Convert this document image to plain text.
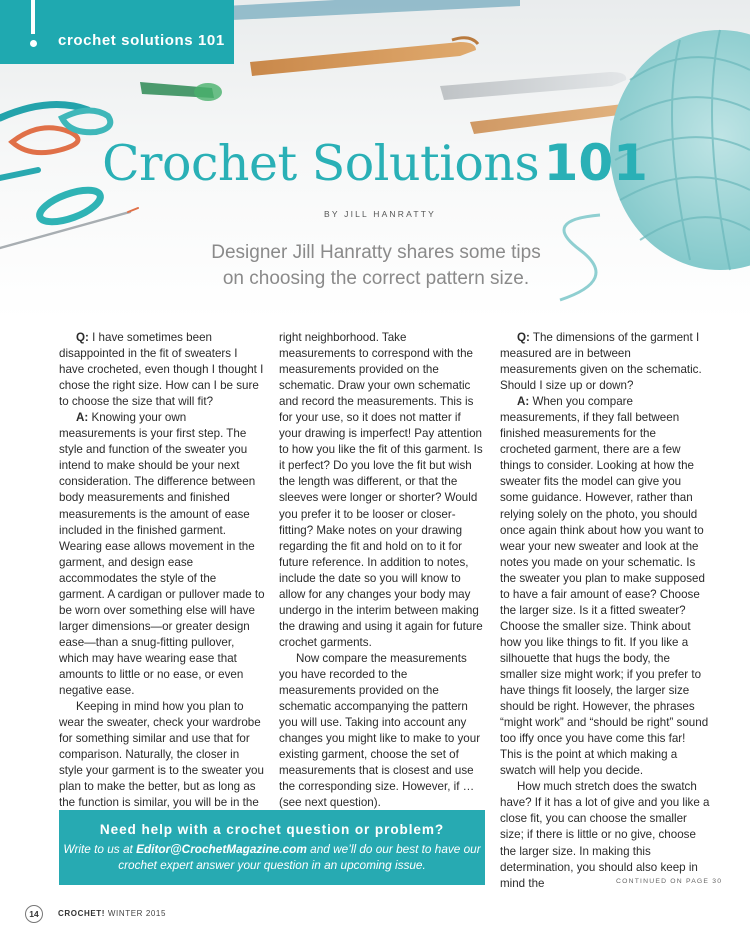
crochet solutions 101
Crochet Solutions 101
BY JILL HANRATTY
Designer Jill Hanratty shares some tips on choosing the correct pattern size.

Q: I have sometimes been disappointed in the fit of sweaters I have crocheted, even though I thought I chose the right size. How can I be sure to choose the size that will fit?

A: Knowing your own measurements is your first step. The style and function of the sweater you intend to make should be your next consideration. The difference between body measurements and finished measurements is the amount of ease included in the finished garment. Wearing ease allows movement in the garment, and design ease accommodates the style of the garment. A cardigan or pullover made to be worn over something else will have larger dimensions—or greater design ease—than a snug-fitting pullover, which may have wearing ease that amounts to little or no ease, or even negative ease.

Keeping in mind how you plan to wear the sweater, check your wardrobe for something similar and use that for comparison. Naturally, the closer in style your garment is to the sweater you plan to make the better, but as long as the function is similar, you will be in the

right neighborhood. Take measurements to correspond with the measurements provided on the schematic. Draw your own schematic and record the measurements. This is for your use, so it does not matter if your drawing is imperfect! Pay attention to how you like the fit of this garment. Is it perfect? Do you love the fit but wish the length was different, or that the sleeves were longer or shorter? Would you prefer it to be looser or closer-fitting? Make notes on your drawing regarding the fit and hold on to it for future reference. In addition to notes, include the date so you will know to allow for any changes your body may undergo in the interim between making the drawing and using it again for future crochet garments.

Now compare the measurements you have recorded to the measurements provided on the schematic accompanying the pattern you will use. Taking into account any changes you might like to make to your existing garment, choose the set of measurements that is closest and use the corresponding size. However, if … (see next question).

Q: The dimensions of the garment I measured are in between measurements given on the schematic. Should I size up or down?

A: When you compare measurements, if they fall between finished measurements for the crocheted garment, there are a few things to consider. Looking at how the sweater fits the model can give you some guidance. However, rather than relying solely on the photo, you should once again think about how you want to wear your new sweater and look at the notes you made on your schematic. Is the sweater you plan to make supposed to have a fair amount of ease? Choose the larger size. Is it a fitted sweater? Choose the smaller size. Think about how you like things to fit. If you like a silhouette that hugs the body, the smaller size might work; if you prefer to have things fit loosely, the larger size should be right. However, the phrases “might work” and “should be right” sound too iffy once you have come this far! This is the point at which making a swatch will help you decide.

How much stretch does the swatch have? If it has a lot of give and you like a close fit, you can choose the smaller size; if there is little or no give, choose the larger size. In making this determination, you should also keep in mind the	CONTINUED ON PAGE 30
Need help with a crochet question or problem?
Write to us at Editor@CrochetMagazine.com and we’ll do our best to have our crochet expert answer your question in an upcoming issue.
14	CROCHET! WINTER 2015
